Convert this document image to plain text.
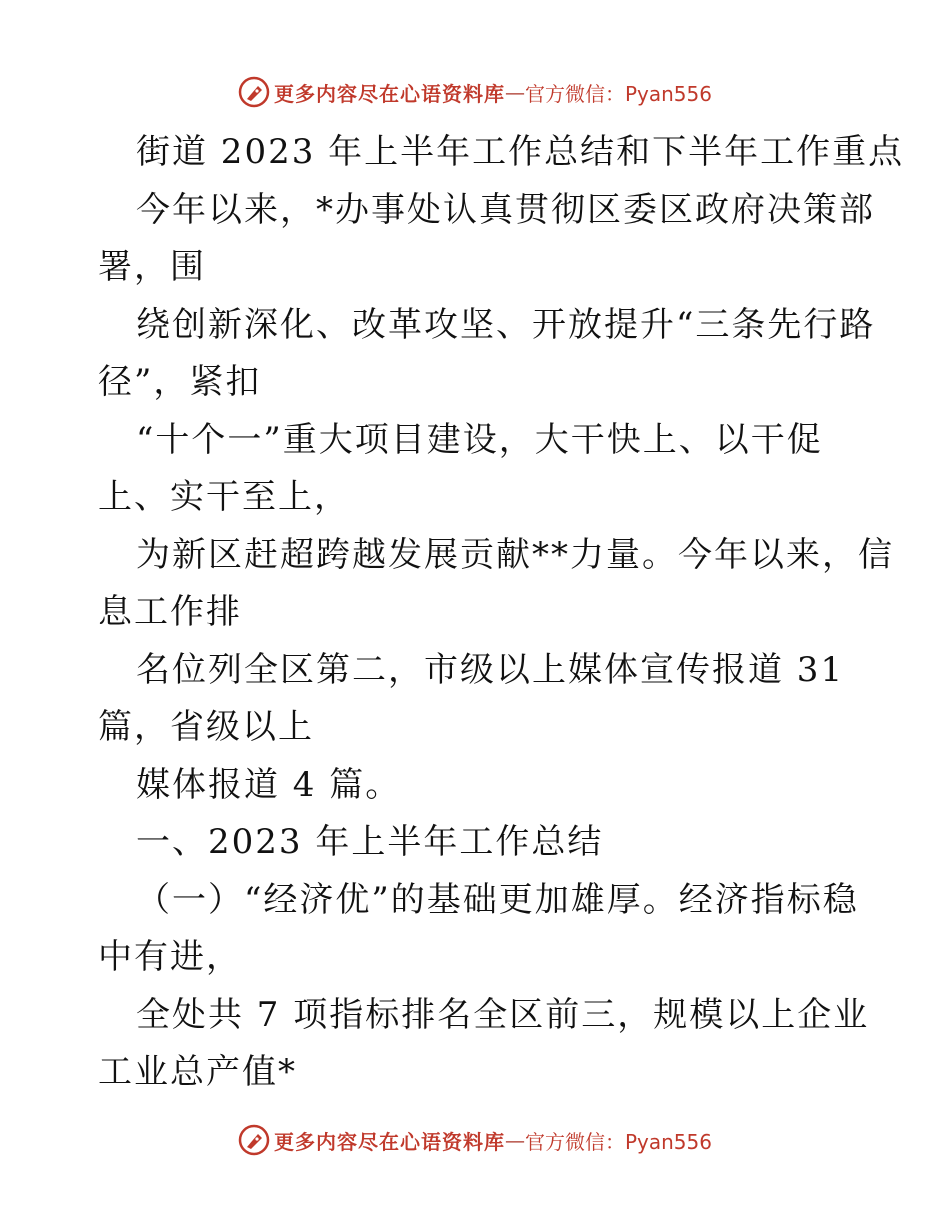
更多内容尽在心语资料库 — 官方微信：Pyan556
街道 2023 年上半年工作总结和下半年工作重点
今年以来，*办事处认真贯彻区委区政府决策部
署，围
绕创新深化、改革攻坚、开放提升“三条先行路
径”，紧扣
“十个一”重大项目建设，大干快上、以干促
上、实干至上，
为新区赶超跨越发展贡献**力量。今年以来，信
息工作排
名位列全区第二，市级以上媒体宣传报道 31
篇，省级以上
媒体报道 4 篇。
一、2023 年上半年工作总结
（一）“经济优”的基础更加雄厚。经济指标稳
中有进，
全处共 7 项指标排名全区前三，规模以上企业
工业总产值*
更多内容尽在心语资料库 — 官方微信：Pyan556
